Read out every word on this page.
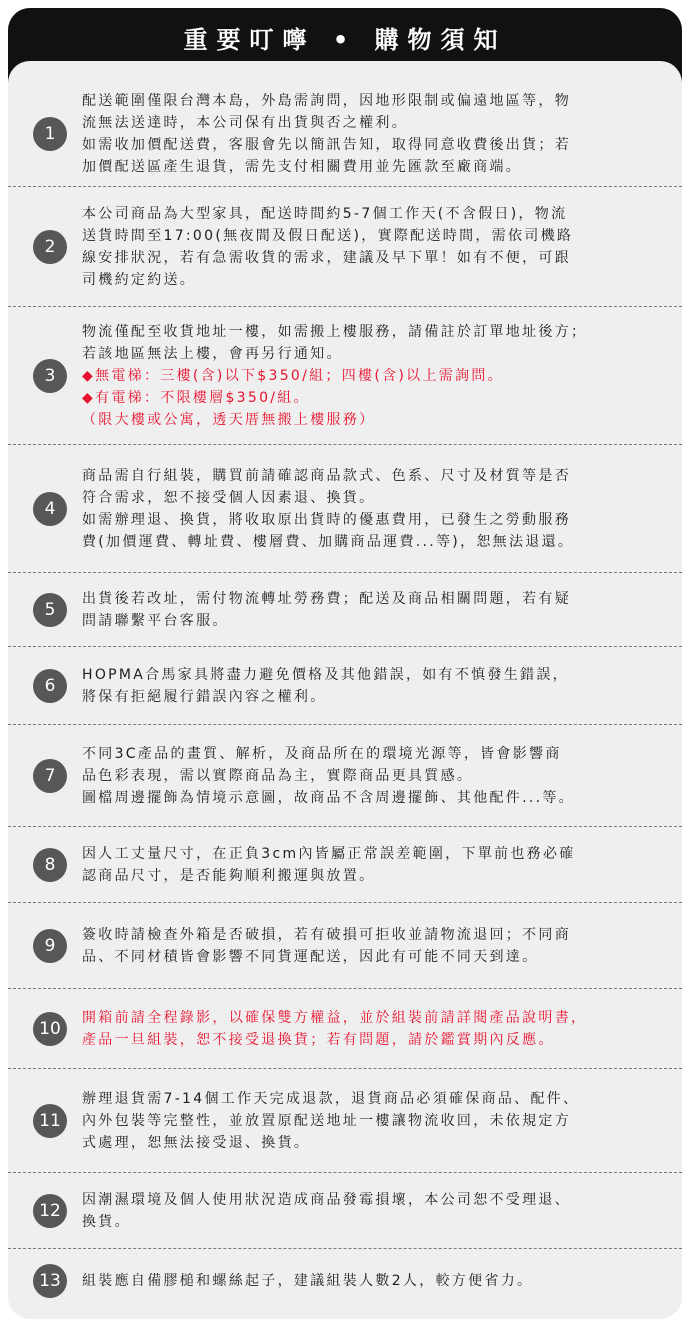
重要叮嚀 • 購物須知
1
配送範圍僅限台灣本島，外島需詢問，因地形限制或偏遠地區等，物
流無法送達時，本公司保有出貨與否之權利。
如需收加價配送費，客服會先以簡訊告知，取得同意收費後出貨；若
加價配送區產生退貨，需先支付相關費用並先匯款至廠商端。
2
本公司商品為大型家具，配送時間約5-7個工作天(不含假日)，物流
送貨時間至17:00(無夜間及假日配送)，實際配送時間，需依司機路
線安排狀況，若有急需收貨的需求，建議及早下單！如有不便，可跟
司機約定約送。
3
物流僅配至收貨地址一樓，如需搬上樓服務，請備註於訂單地址後方；
若該地區無法上樓，會再另行通知。
◆無電梯：三樓(含)以下$350/組；四樓(含)以上需詢問。
◆有電梯：不限樓層$350/組。
（限大樓或公寓，透天厝無搬上樓服務）
4
商品需自行組裝，購買前請確認商品款式、色系、尺寸及材質等是否
符合需求，恕不接受個人因素退、換貨。
如需辦理退、換貨，將收取原出貨時的優惠費用，已發生之勞動服務
費(加價運費、轉址費、樓層費、加購商品運費...等)，恕無法退還。
5
出貨後若改址，需付物流轉址勞務費；配送及商品相關問題，若有疑
問請聯繫平台客服。
6
HOPMA合馬家具將盡力避免價格及其他錯誤，如有不慎發生錯誤，
將保有拒絕履行錯誤內容之權利。
7
不同3C產品的畫質、解析，及商品所在的環境光源等，皆會影響商
品色彩表現，需以實際商品為主，實際商品更具質感。
圖檔周邊擺飾為情境示意圖，故商品不含周邊擺飾、其他配件...等。
8
因人工丈量尺寸，在正負3cm內皆屬正常誤差範圍，下單前也務必確
認商品尺寸，是否能夠順利搬運與放置。
9
簽收時請檢查外箱是否破損，若有破損可拒收並請物流退回；不同商
品、不同材積皆會影響不同貨運配送，因此有可能不同天到達。
10
開箱前請全程錄影，以確保雙方權益，並於組裝前請詳閱產品說明書，
產品一旦組裝，恕不接受退換貨；若有問題，請於鑑賞期內反應。
11
辦理退貨需7-14個工作天完成退款，退貨商品必須確保商品、配件、
內外包裝等完整性，並放置原配送地址一樓讓物流收回，未依規定方
式處理，恕無法接受退、換貨。
12
因潮濕環境及個人使用狀況造成商品發霉損壞，本公司恕不受理退、
換貨。
13	組裝應自備膠槌和螺絲起子，建議組裝人數2人，較方便省力。
